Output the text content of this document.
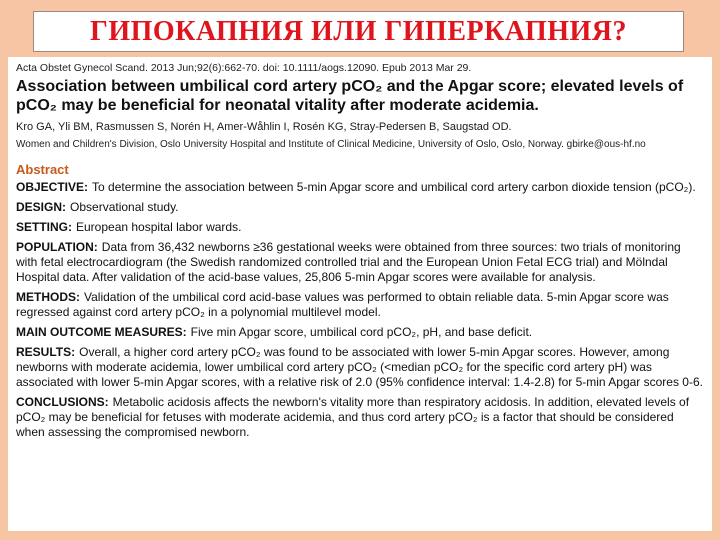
ГИПОКАПНИЯ ИЛИ ГИПЕРКАПНИЯ?
Acta Obstet Gynecol Scand. 2013 Jun;92(6):662-70. doi: 10.1111/aogs.12090. Epub 2013 Mar 29.
Association between umbilical cord artery pCO₂ and the Apgar score; elevated levels of pCO₂ may be beneficial for neonatal vitality after moderate acidemia.
Kro GA, Yli BM, Rasmussen S, Norén H, Amer-Wåhlin I, Rosén KG, Stray-Pedersen B, Saugstad OD.
Women and Children's Division, Oslo University Hospital and Institute of Clinical Medicine, University of Oslo, Oslo, Norway. gbirke@ous-hf.no
Abstract
OBJECTIVE: To determine the association between 5-min Apgar score and umbilical cord artery carbon dioxide tension (pCO₂).
DESIGN: Observational study.
SETTING: European hospital labor wards.
POPULATION: Data from 36,432 newborns ≥36 gestational weeks were obtained from three sources: two trials of monitoring with fetal electrocardiogram (the Swedish randomized controlled trial and the European Union Fetal ECG trial) and Mölndal Hospital data. After validation of the acid-base values, 25,806 5-min Apgar scores were available for analysis.
METHODS: Validation of the umbilical cord acid-base values was performed to obtain reliable data. 5-min Apgar score was regressed against cord artery pCO₂ in a polynomial multilevel model.
MAIN OUTCOME MEASURES: Five min Apgar score, umbilical cord pCO₂, pH, and base deficit.
RESULTS: Overall, a higher cord artery pCO₂ was found to be associated with lower 5-min Apgar scores. However, among newborns with moderate acidemia, lower umbilical cord artery pCO₂ (<median pCO₂ for the specific cord artery pH) was associated with lower 5-min Apgar scores, with a relative risk of 2.0 (95% confidence interval: 1.4-2.8) for 5-min Apgar scores 0-6.
CONCLUSIONS: Metabolic acidosis affects the newborn's vitality more than respiratory acidosis. In addition, elevated levels of pCO₂ may be beneficial for fetuses with moderate acidemia, and thus cord artery pCO₂ is a factor that should be considered when assessing the compromised newborn.
